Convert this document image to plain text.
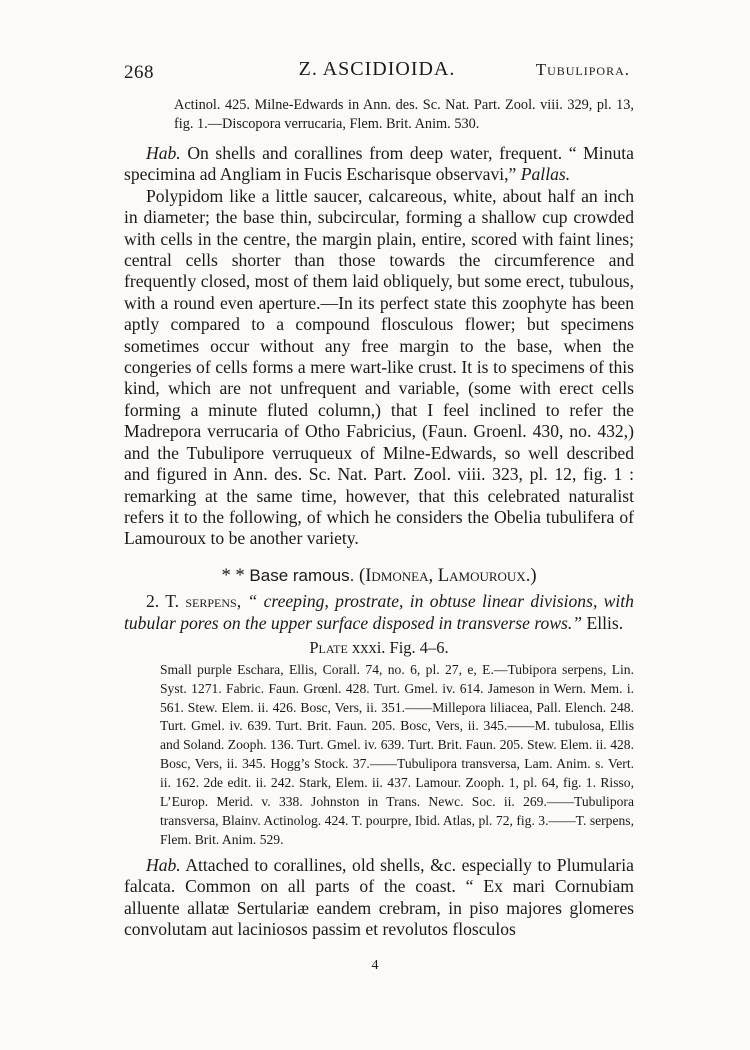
268	Z. ASCIDIOIDA.	Tubulipora.

Actinol. 425. Milne-Edwards in Ann. des. Sc. Nat. Part. Zool. viii. 329, pl. 13, fig. 1.—Discopora verrucaria, Flem. Brit. Anim. 530.

Hab. On shells and corallines from deep water, frequent. “ Minuta specimina ad Angliam in Fucis Escharisque observavi,” Pallas.

Polypidom like a little saucer, calcareous, white, about half an inch in diameter; the base thin, subcircular, forming a shallow cup crowded with cells in the centre, the margin plain, entire, scored with faint lines; central cells shorter than those towards the circumference and frequently closed, most of them laid obliquely, but some erect, tubulous, with a round even aperture.—In its perfect state this zoophyte has been aptly compared to a compound flosculous flower; but specimens sometimes occur without any free margin to the base, when the congeries of cells forms a mere wart-like crust. It is to specimens of this kind, which are not unfrequent and variable, (some with erect cells forming a minute fluted column,) that I feel inclined to refer the Madrepora verrucaria of Otho Fabricius, (Faun. Groenl. 430, no. 432,) and the Tubulipore verruqueux of Milne-Edwards, so well described and figured in Ann. des. Sc. Nat. Part. Zool. viii. 323, pl. 12, fig. 1 : remarking at the same time, however, that this celebrated naturalist refers it to the following, of which he considers the Obelia tubulifera of Lamouroux to be another variety.

* * Base ramous. (Idmonea, Lamouroux.)

2. T. serpens, “ creeping, prostrate, in obtuse linear divisions, with tubular pores on the upper surface disposed in transverse rows.” Ellis.

Plate xxxi. Fig. 4–6.

Small purple Eschara, Ellis, Corall. 74, no. 6, pl. 27, e, E.—Tubipora serpens, Lin. Syst. 1271. Fabric. Faun. Grœnl. 428. Turt. Gmel. iv. 614. Jameson in Wern. Mem. i. 561. Stew. Elem. ii. 426. Bosc, Vers, ii. 351.——Millepora liliacea, Pall. Elench. 248. Turt. Gmel. iv. 639. Turt. Brit. Faun. 205. Bosc, Vers, ii. 345.——M. tubulosa, Ellis and Soland. Zooph. 136. Turt. Gmel. iv. 639. Turt. Brit. Faun. 205. Stew. Elem. ii. 428. Bosc, Vers, ii. 345. Hogg’s Stock. 37.——Tubulipora transversa, Lam. Anim. s. Vert. ii. 162. 2de edit. ii. 242. Stark, Elem. ii. 437. Lamour. Zooph. 1, pl. 64, fig. 1. Risso, L’Europ. Merid. v. 338. Johnston in Trans. Newc. Soc. ii. 269.——Tubulipora transversa, Blainv. Actinolog. 424. T. pourpre, Ibid. Atlas, pl. 72, fig. 3.——T. serpens, Flem. Brit. Anim. 529.

Hab. Attached to corallines, old shells, &c. especially to Plumularia falcata. Common on all parts of the coast. “ Ex mari Cornubiam alluente allatæ Sertulariæ eandem crebram, in piso majores glomeres convolutam aut laciniosos passim et revolutos flosculos

4
